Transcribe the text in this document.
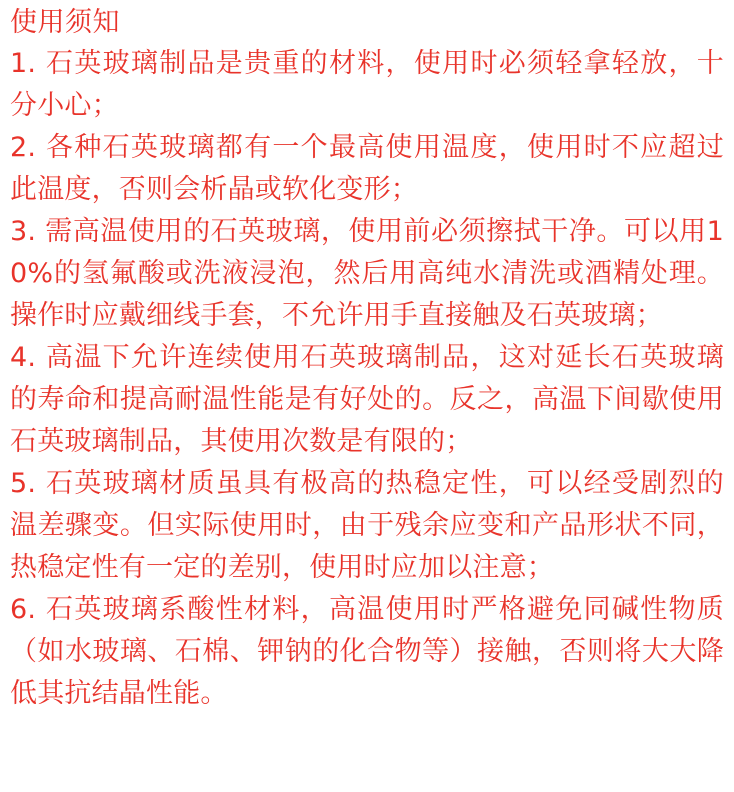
使用须知
1. 石英玻璃制品是贵重的材料，使用时必须轻拿轻放，十分小心；
2. 各种石英玻璃都有一个最高使用温度，使用时不应超过此温度，否则会析晶或软化变形；
3. 需高温使用的石英玻璃，使用前必须擦拭干净。可以用10%的氢氟酸或洗液浸泡，然后用高纯水清洗或酒精处理。操作时应戴细线手套，不允许用手直接触及石英玻璃；
4. 高温下允许连续使用石英玻璃制品，这对延长石英玻璃的寿命和提高耐温性能是有好处的。反之，高温下间歇使用石英玻璃制品，其使用次数是有限的；
5. 石英玻璃材质虽具有极高的热稳定性，可以经受剧烈的温差骤变。但实际使用时，由于残余应变和产品形状不同，热稳定性有一定的差别，使用时应加以注意；
6. 石英玻璃系酸性材料，高温使用时严格避免同碱性物质（如水玻璃、石棉、钾钠的化合物等）接触，否则将大大降低其抗结晶性能。
